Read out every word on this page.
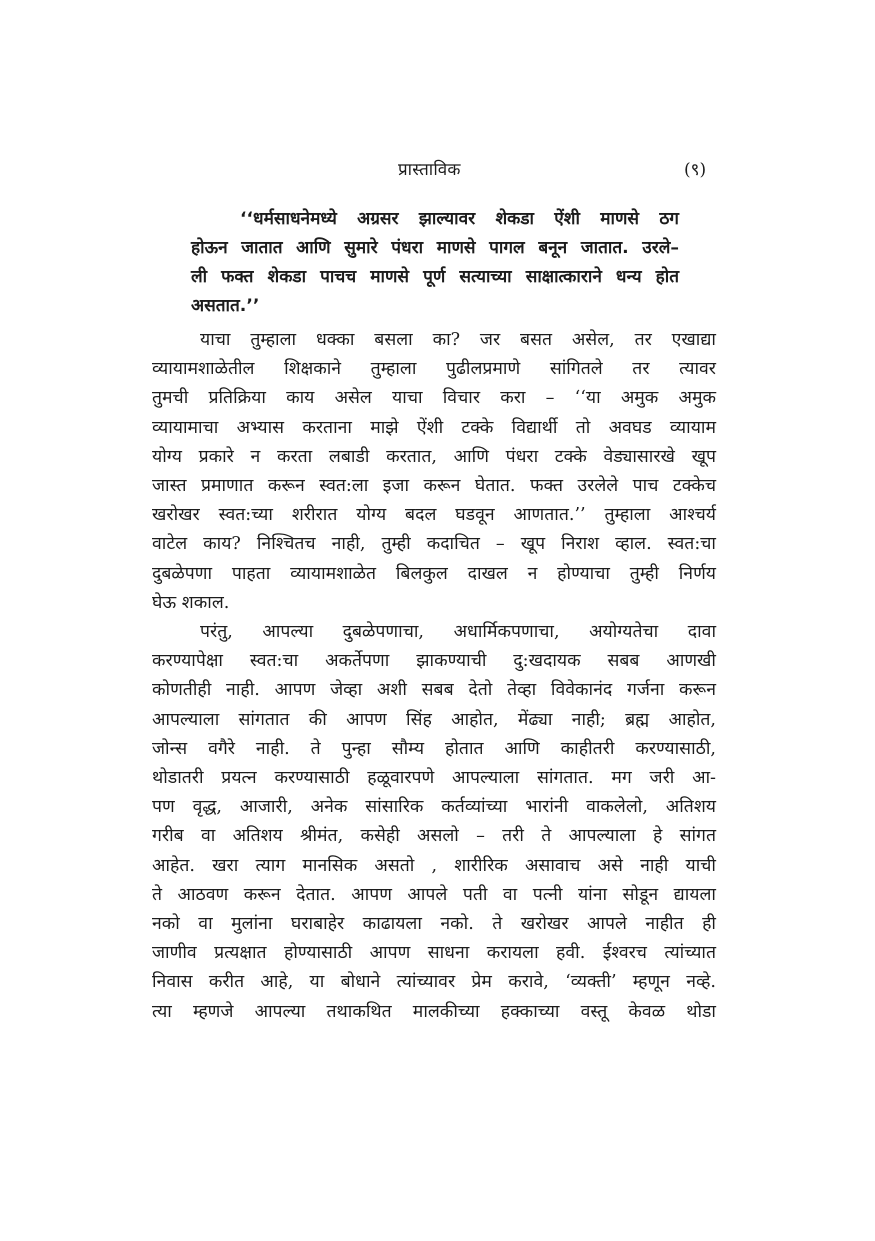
प्रास्ताविक	(९)
‘‘धर्मसाधनेमध्ये अग्रसर झाल्यावर शेकडा ऐंशी माणसे ठग
होऊन जातात आणि सुमारे पंधरा माणसे पागल बनून जातात. उरले–
ली फक्त शेकडा पाचच माणसे पूर्ण सत्याच्या साक्षात्काराने धन्य होत
असतात.’’
याचा तुम्हाला धक्का बसला का? जर बसत असेल, तर एखाद्या
व्यायामशाळेतील शिक्षकाने तुम्हाला पुढीलप्रमाणे सांगितले तर त्यावर
तुमची प्रतिक्रिया काय असेल याचा विचार करा – ‘‘या अमुक अमुक
व्यायामाचा अभ्यास करताना माझे ऐंशी टक्के विद्यार्थी तो अवघड व्यायाम
योग्य प्रकारे न करता लबाडी करतात, आणि पंधरा टक्के वेड्यासारखे खूप
जास्त प्रमाणात करून स्वत:ला इजा करून घेतात. फक्त उरलेले पाच टक्केच
खरोखर स्वत:च्या शरीरात योग्य बदल घडवून आणतात.’’ तुम्हाला आश्चर्य
वाटेल काय? निश्चितच नाही, तुम्ही कदाचित – खूप निराश व्हाल. स्वत:चा
दुबळेपणा पाहता व्यायामशाळेत बिलकुल दाखल न होण्याचा तुम्ही निर्णय
घेऊ शकाल.
परंतु, आपल्या दुबळेपणाचा, अधार्मिकपणाचा, अयोग्यतेचा दावा
करण्यापेक्षा स्वत:चा अकर्तेपणा झाकण्याची दु:खदायक सबब आणखी
कोणतीही नाही. आपण जेव्हा अशी सबब देतो तेव्हा विवेकानंद गर्जना करून
आपल्याला सांगतात की आपण सिंह आहोत, मेंढ्या नाही; ब्रह्म आहोत,
जोन्स वगैरे नाही. ते पुन्हा सौम्य होतात आणि काहीतरी करण्यासाठी,
थोडातरी प्रयत्न करण्यासाठी हळूवारपणे आपल्याला सांगतात. मग जरी आ-
पण वृद्ध, आजारी, अनेक सांसारिक कर्तव्यांच्या भारांनी वाकलेलो, अतिशय
गरीब वा अतिशय श्रीमंत, कसेही असलो – तरी ते आपल्याला हे सांगत
आहेत. खरा त्याग मानसिक असतो , शारीरिक असावाच असे नाही याची
ते आठवण करून देतात. आपण आपले पती वा पत्नी यांना सोडून द्यायला
नको वा मुलांना घराबाहेर काढायला नको. ते खरोखर आपले नाहीत ही
जाणीव प्रत्यक्षात होण्यासाठी आपण साधना करायला हवी. ईश्वरच त्यांच्यात
निवास करीत आहे, या बोधाने त्यांच्यावर प्रेम करावे, ‘व्यक्ती’ म्हणून नव्हे.
त्या म्हणजे आपल्या तथाकथित मालकीच्या हक्काच्या वस्तू केवळ थोडा
